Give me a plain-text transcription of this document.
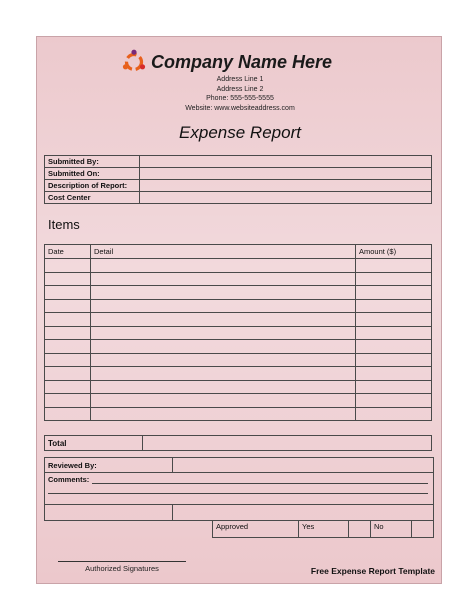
Company Name Here
Address Line 1
Address Line 2
Phone: 555-555-5555
Website: www.websiteaddress.com
Expense Report
Submitted By:	
Submitted On:	
Description of Report:	
Cost Center	
Items
Date	Detail	Amount ($)

Total	
Reviewed By:	
Comments:	

Approved	Yes		No	
Authorized Signatures	Free Expense Report Template
